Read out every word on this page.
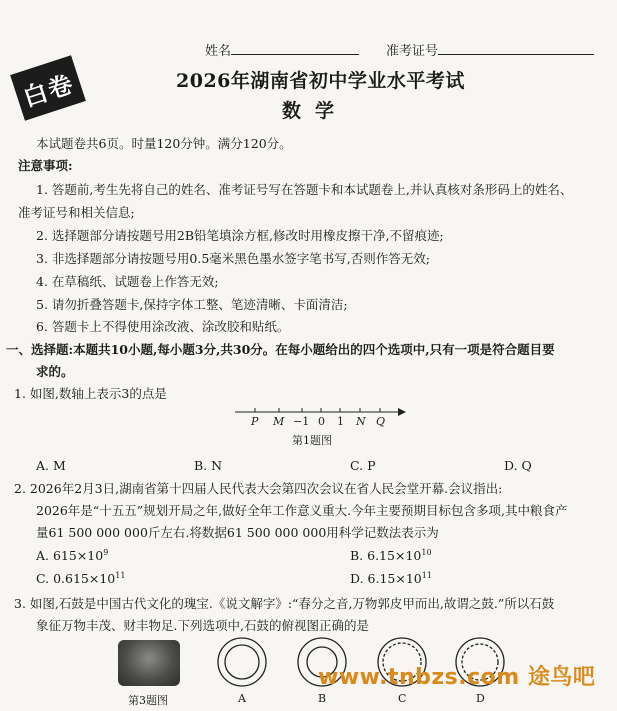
姓名	准考证号
白卷	2026年湖南省初中学业水平考试
数学
本试题卷共6页。时量120分钟。满分120分。
注意事项:
1. 答题前,考生先将自己的姓名、准考证号写在答题卡和本试题卷上,并认真核对条形码上的姓名、
准考证号和相关信息;
2. 选择题部分请按题号用2B铅笔填涂方框,修改时用橡皮擦干净,不留痕迹;
3. 非选择题部分请按题号用0.5毫米黑色墨水签字笔书写,否则作答无效;
4. 在草稿纸、试题卷上作答无效;
5. 请勿折叠答题卡,保持字体工整、笔迹清晰、卡面清洁;
6. 答题卡上不得使用涂改液、涂改胶和贴纸。
一、选择题:本题共10小题,每小题3分,共30分。在每小题给出的四个选项中,只有一项是符合题目要
求的。
1. 如图,数轴上表示3的点是
P M −1 0 1 N Q
第1题图
A. M	B. N	C. P	D. Q
2. 2026年2月3日,湖南省第十四届人民代表大会第四次会议在省人民会堂开幕.会议指出:
2026年是“十五五”规划开局之年,做好全年工作意义重大.今年主要预期目标包含多项,其中粮食产
量61 500 000 000斤左右.将数据61 500 000 000用科学记数法表示为
A. $615\times 10^9$	B. $6.15\times 10^{10}$
C. $0.615\times 10^{11}$	D. $6.15\times 10^{11}$
3. 如图,石鼓是中国古代文化的瑰宝.《说文解字》:“春分之音,万物郭皮甲而出,故谓之鼓.”所以石鼓
象征万物丰茂、财丰物足.下列选项中,石鼓的俯视图正确的是
第3题图	A	B	C	D
www.tnbzs.com 途鸟吧
